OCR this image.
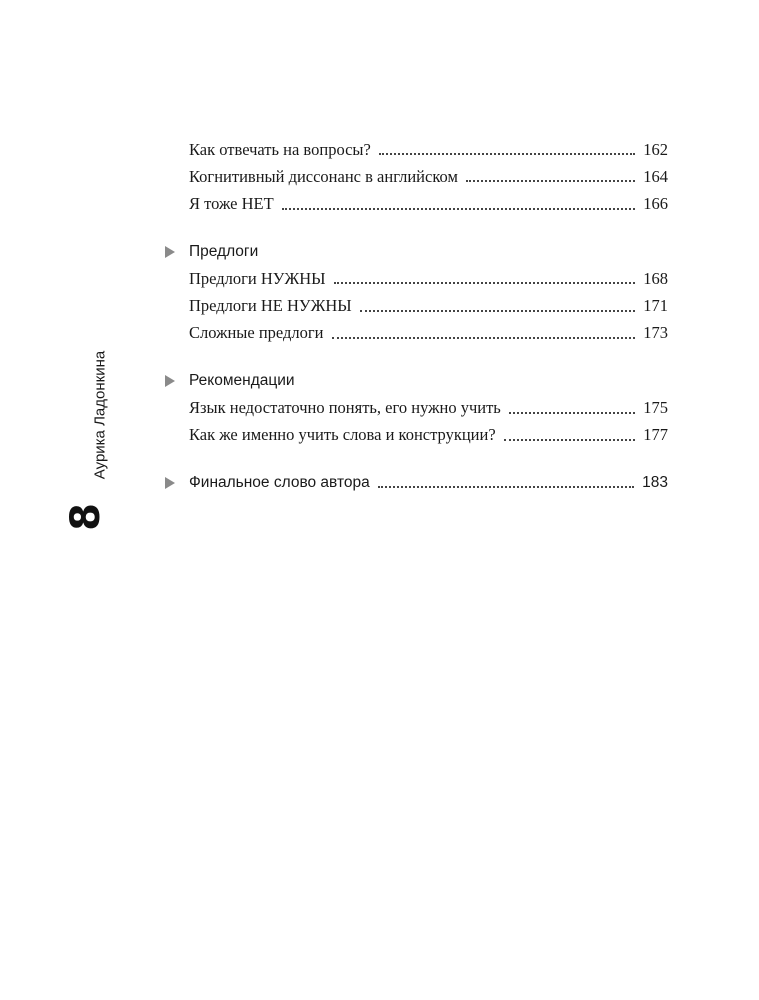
Аурика Ладонкина
8
Как отвечать на вопросы?	162
Когнитивный диссонанс в английском	164
Я тоже НЕТ	166
Предлоги
Предлоги НУЖНЫ	168
Предлоги НЕ НУЖНЫ	171
Сложные предлоги	173
Рекомендации
Язык недостаточно понять, его нужно учить	175
Как же именно учить слова и конструкции?	177
Финальное слово автора	183
